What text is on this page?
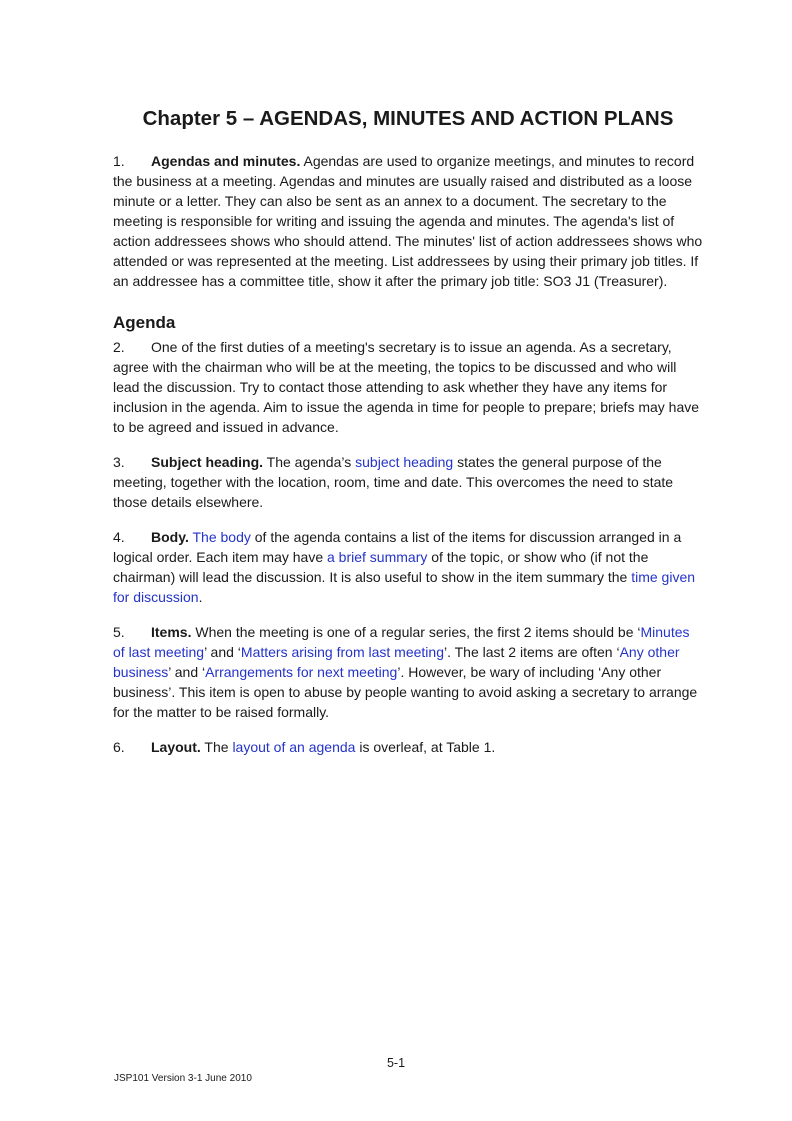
Chapter 5 – AGENDAS, MINUTES AND ACTION PLANS

1. Agendas and minutes. Agendas are used to organize meetings, and minutes to record the business at a meeting. Agendas and minutes are usually raised and distributed as a loose minute or a letter. They can also be sent as an annex to a document. The secretary to the meeting is responsible for writing and issuing the agenda and minutes. The agenda's list of action addressees shows who should attend. The minutes' list of action addressees shows who attended or was represented at the meeting. List addressees by using their primary job titles. If an addressee has a committee title, show it after the primary job title: SO3 J1 (Treasurer).

Agenda

2. One of the first duties of a meeting's secretary is to issue an agenda. As a secretary, agree with the chairman who will be at the meeting, the topics to be discussed and who will lead the discussion. Try to contact those attending to ask whether they have any items for inclusion in the agenda. Aim to issue the agenda in time for people to prepare; briefs may have to be agreed and issued in advance.

3. Subject heading. The agenda’s subject heading states the general purpose of the meeting, together with the location, room, time and date. This overcomes the need to state those details elsewhere.

4. Body. The body of the agenda contains a list of the items for discussion arranged in a logical order. Each item may have a brief summary of the topic, or show who (if not the chairman) will lead the discussion. It is also useful to show in the item summary the time given for discussion.

5. Items. When the meeting is one of a regular series, the first 2 items should be ‘Minutes of last meeting’ and ‘Matters arising from last meeting’. The last 2 items are often ‘Any other business’ and ‘Arrangements for next meeting’. However, be wary of including ‘Any other business’. This item is open to abuse by people wanting to avoid asking a secretary to arrange for the matter to be raised formally.

6. Layout. The layout of an agenda is overleaf, at Table 1.

5-1
JSP101 Version 3-1 June 2010
